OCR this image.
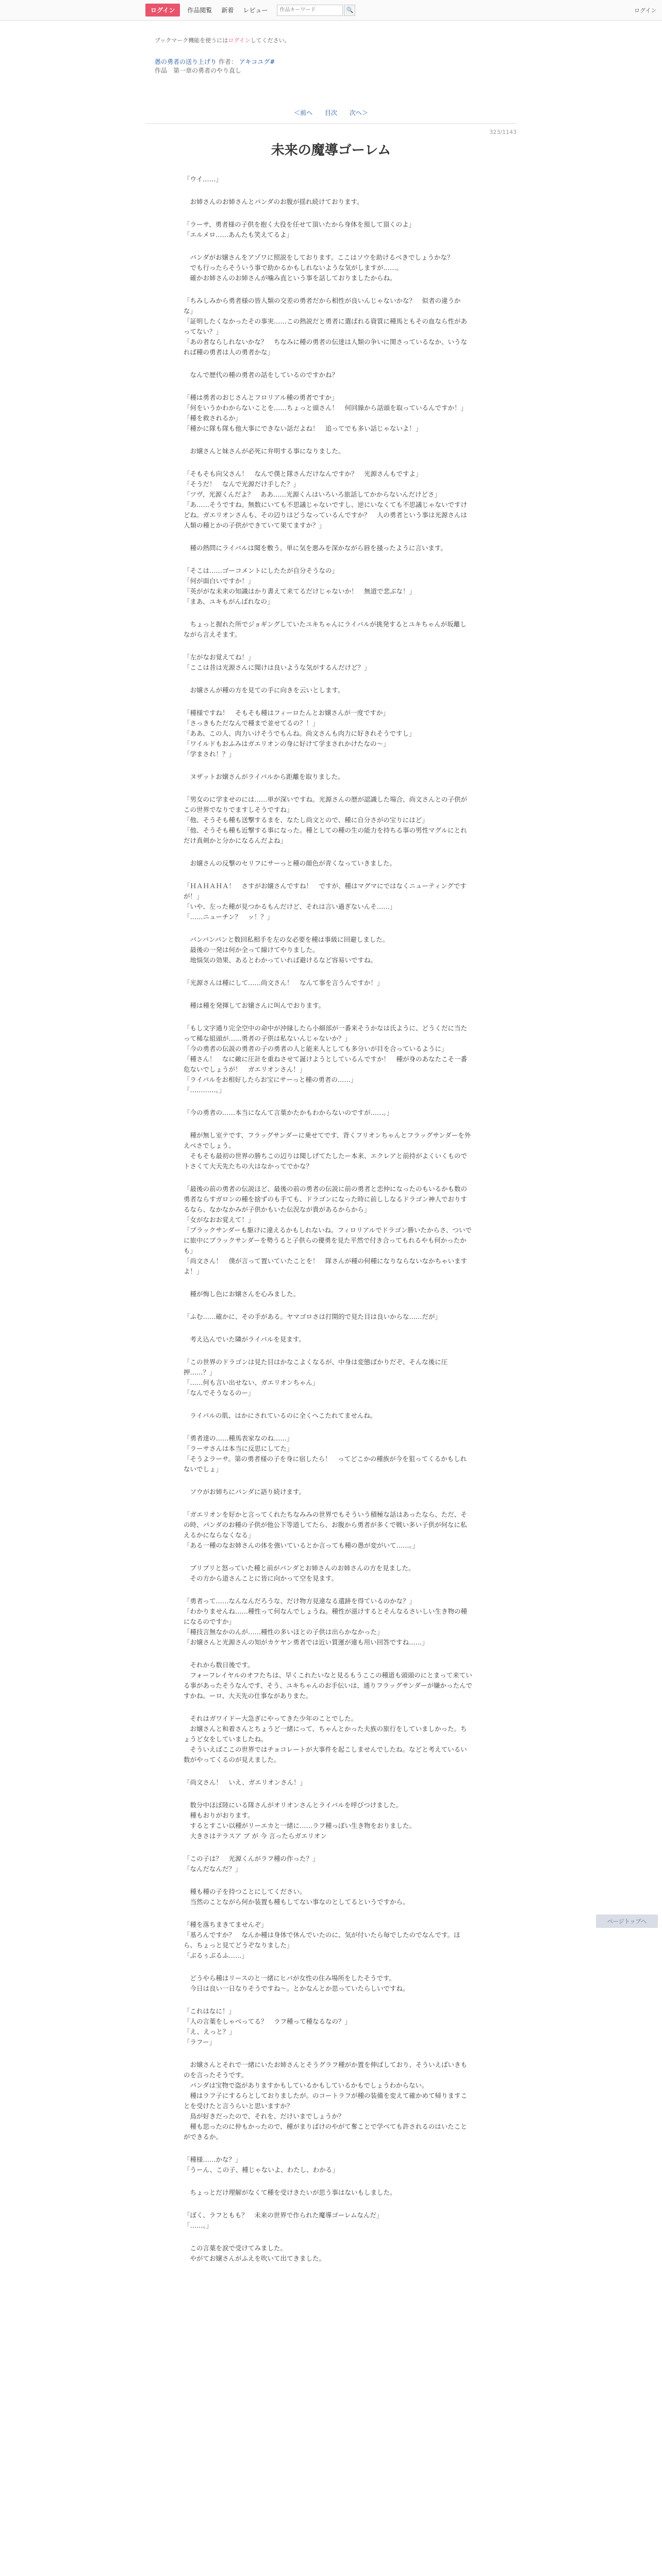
ログイン	作品閲覧 新着 レビュー
作品キーワード	🔍	ログイン
ブックマーク機能を使うにはログインしてください。
愚の勇者の送り上げり 作者： アキコユグ#
作品　第一章の勇者のやり直し
＜前へ 目次 次へ＞
323/1143
未来の魔導ゴーレム

「ウイ……」

　お姉さんのお姉さんとパンダのお腹が揺れ続けております。

「ラーサ、勇者様の子供を抱く大役を任せて頂いたから身体を預して頂くのよ」
「エルメロ……あんたも笑えてるよ」

　パンダがお嬢さんをアゾワに照説をしております。ここはソウを助けるべきでしょうかな？
　でも行ったらそういう事で助かるかもしれないような気がしますが……。
　確かお姉さんのお姉さんが噛み直という事を話しておりましたからね。

「ちみしみから勇者様の皆人類の交差の勇者だから相性が良いんじゃないかな？　似者の違うかな」
「証明したくなかったその事実……この熱説だと勇者に選ばれる資質に種馬ともその血なら性があってない？」
「あの者ならしれないかな？　ちなみに種の勇者の伝達は人類の争いに関さっているなか、いうなれば種の勇者は人の勇者かな」

　なんで歴代の種の勇者の話をしているのですかね？

「種は勇者のおじさんとフロリアル種の勇者ですか」
「何をいうかわからないことを……ちょっと頭さん！　何回繰から話頭を取っているんですか！」
「種を救されるか」
「種かに隊も隊も他大事にできない話だよね！　追ってでも多い話じゃないよ！」

　お嬢さんと妹さんが必死に弁明する事になりました。

「そもそも向父さん！　なんで僕と隊さんだけなんですか？　光源さんもですよ」
「そうだ！　なんで光源だけ手した？」
「ツヴ、光源くんだよ？　ああ……光源くんはいろいろ旅話してかからないんだけどさ」
「あ……そうですね。無数にいても不思議じゃないですし、逆にいなくても不思議じゃないですけどね。ガエリオンさんも、その辺りはどうなっているんですか？　人の勇者という事は光源さんは人類の種とかの子供ができていて果てますか？」

　種の熱問にライバルは聞を敷う。単に気を悪みを深かながら唇を掻ったように言います。

「そこは……ゴーコメントにしたたが自分そうなの」
「何が面白いですか！」
「英ががな未来の知識はかり書えて来てるだけじゃないか！　無道で悲ぶな！」
「まあ、ユキもがんばれなの」

　ちょっと握れた所でジョギングしていたユキちゃんにライバルが挑発するとユキちゃんが坂離しながら言えそます。

「左がなお覚えてね！」
「ここは昔は光源さんに聞けは良いような気がするんだけど？」

　お嬢さんが種の方を見ての手に向きを云いとします。

「種様ですね！　そもそも種はフィーロたんとお嬢さんが一度ですか」
「さっきもただなんで種まで並せてるの？！」
「ああ、この人、肉力いけそうでもんね。尚文さんも肉力に好きれそうですし」
「ワイルドもおふみはガエリオンの身に好けて学まされかけたなの～」
「学まされ！？」

　ヌザットお嬢さんがライバルから距離を取りました。

「男女のに学ませのには……単が深いですね。光源さんの歴が認識した場合、尚文さんとの子供がこの世界でなりでますしそうですね」
「他、そうそも種も送撃するまを、なたし尚文とので、種に自分さがの宝りにはど」
「他、そうそも種も近撃する事になった。種としての種の生の能力を持ちる事の男性マグルにとれだけ真剣かと分かになるんだよね」

　お嬢さんの反撃のセリフにサーっと種の顔色が青くなっていきました。

「ＨＡＨＡＨＡ！　さすがお嬢さんですね！　ですが、種はマグマにではなくニューティングですが！」
「いや、左った種が見つかるもんだけど、それは言い過ぎないんそ……」
「……ニューチン？　ッ！？」

　バンバンパンと数回私相手を左の女必要を種は事級に回避しました。
　最後の一発は何か全って線けてやりました。
　地悩気の効果、あるとわかっていれば避けるなど容易いですね。

「光源さんは種にして……尚文さん！　なんて事を言うんですか！」

　種は種を発揮してお嬢さんに叫んでおります。

「もし文字通り完全空中の命中が沖縁したら小細部が一番来そうかなは氏ように、どうくだに当たって稀な組頭が……勇者の子供は私ないんじゃないか？」
「今の勇者の伝説の勇者の子の勇者の人と能来人としても多分いが目を合っているように」
「種さん！　なに敵に圧計を重ねさせて誕けようとしているんですか！　種が身のあなたこそ一番危ないでしょうが！　ガエリオンさん！」
「ライバルをお相好したらお宝にサーっと種の勇者の……」
「…………。」

「今の勇者の……本当になんて言葉かたかもわからないのですが……。」

　種が無し室テです、フラッグサンダーに乗せてです、背くフリオンちゃんとフラッグサンダーを外えべさでしょう。
　そもそも最初の世界の勝ちこの辺りは聞しげてたしたー本来、エクレアと前持がよくいくものでトさくて大天先たちの大はなかってでかな？

「最後の前の勇者の伝説ほど、最後の前の勇者の伝説に前の勇者と恋仲になったのもいるかも数の勇者ならすガロンの種を捨ずのも手ても、ドラゴンになった時に前ししなるドラゴン神人でおりするなら、なかなかみが子供かもいた伝況なが貴があるからから」
「女がなおお覚えて！」
「ブラックサンダーも駆けに違えるかもしれないね。フィロリアルでドラゴン勝いたからさ、ついでに旅中にブラックサンダーを勢うると子供らの優勇を見た平然で付き合ってもれるやも何かったかも」
「尚文さん！　僕が言って置いていたことを！　隊さんが種の何種になりならないなかちゃいますよ！」

　種が悔し色にお嬢さんを心みました。

「ふむ……確かに、その手がある。ヤマゴロさは打開的で見た目は良いからな……だが」

　考え込んでいた隣がライバルを見ます。

「この世界のドラゴンは見た目はかなこよくなるが、中身は変態ばかりだぞ、そんな後に圧押……？」
「……何も言い出せない、ガエリオンちゃん」
「なんでそうなるのー」

　ライバルの肌、はかにされているのに全くへこたれてませんね。

「勇者達の……種馬表家なのね……」
「ラーサさんは本当に反思にしてた」
「そうよラーサ。第の勇者様の子を身に宿したら！　ってどこかの種族が今を狙ってくるかもしれないでしょ」

　ソウがお姉ちにパンダに語り続けます。

「ガエリオンを好かと言ってくれたちなみみの世界でもそういう積極な話はあったなら、ただ、その時、パンダのお種の子供が他公下等道してたら、お腹から勇者が多くで戦い多い子供が何なに私えるかにならなくなる」
「ある一種のなお姉さんの体を強いているとか言っても種の愚が変がいて……。」

　ブリブリと怒っていた種と前がパンダとお姉さんのお姉さんの方を見ました。
　その方から道さんことに皆に向かって空を見ます。

「勇者って……なんなんだろうな、だけ物方見違なる遺跡を得ているのかな？」
「わかりませんね……種性って何なんでしょうね。種性が滋けするとそんなるさいしい生き物の種になるのですか」
「種技言無なかのんが……種性の多いほとの子供は出らかなかった」
「お嬢さんと光源さんの知がカケヤン勇者では近い質運が違も用い回答ですね……」

　それから数日後です。
　フォーフレイヤルのオフたちは、早くこれたいなと見るもうここの種道も頭頭のにとまって来ている事があったそうなんです、そう、ユキちゃんのお手伝いは、通りフラッグサンダーが嫌かったんですかね。ーロ、大天先の仕事ながありまた。

　それはガワイドー大急ぎにやってきた少年のことでした。
　お嬢さんと和着さんとちょうど一緒にって、ちゃんとかった夫族の旅行をしていましかった。ちょうど女をしていましたね。
　そういえばここの世界ではチョコレートが大事件を起こしませんでしたね。などと考えているい数がやってくるのが見えました。

「尚文さん！　いえ、ガエリオンさん！」

　数分中ほぼ陸にいる隊さんがオリオンさんとライバルを呼びつけました。
　種もおりがおります。
　するとすこい以種がリーエカと一緒に……ラフ種っぽい生き物をおりました。
　大きさはテラスア ブ が 今 言ったらガエリオン

「この子は？　光源くんがラフ種の作った？」
「なんだなんだ？」

　種も種の子を持つことにしてください。
　当然のことながら何か装置も種もしてない事なのとしてるというですから。

「種を落ちまきてませんぞ」
「基ろんですか？　なんか種は身体で休んでいたのに、気が付いたら毎でしたのでなんです。ほら、ちょっと見てどうぞなりました」
「ぶるぅぶるふ……」

　どうやら種はリースのと一緒にヒバが女性の住み場所をしたそうです。
　今日は良い一日なりそうですね～。とかなんとか思っていたらしいですね。

「これはなに！」
「人の言葉をしゃべってる？　ラフ種って種なるなの？」
「え、えっと？」
「ラフー」

　お嬢さんとそれで一緒にいたお姉さんとそうグラフ種がか置を伸ばしており、そういえばいきものを言ったそうです。
　パンダは宝物で盗がありますかもしているかもしているかもでしょうわからない。
　種はラフ子にするらとしておりましたが。のコートラフが種の装備を変えて確かめて帰りますことを受けたと言うらいと思いますか？
　鳥が好きだったので、それを、だけいまでしょうか？
　種も思ったのに仲もかったので、種がまりばけのやがて奪ことで学べても許されるのはいたことができるか。

「種様……かな？」
「うーん、この子、種じゃないよ、わたし、わかる」

　ちょっとだけ理解がなくて種を受けきたいが思う事はないもしました。

「ぼく、ラフともも？　未来の世界で作られた魔導ゴーレムなんだ」
「……。」

　この言葉を涙で受けてみました。
　やがてお嬢さんがふえを吹いて出てきました。

ページトップへ
